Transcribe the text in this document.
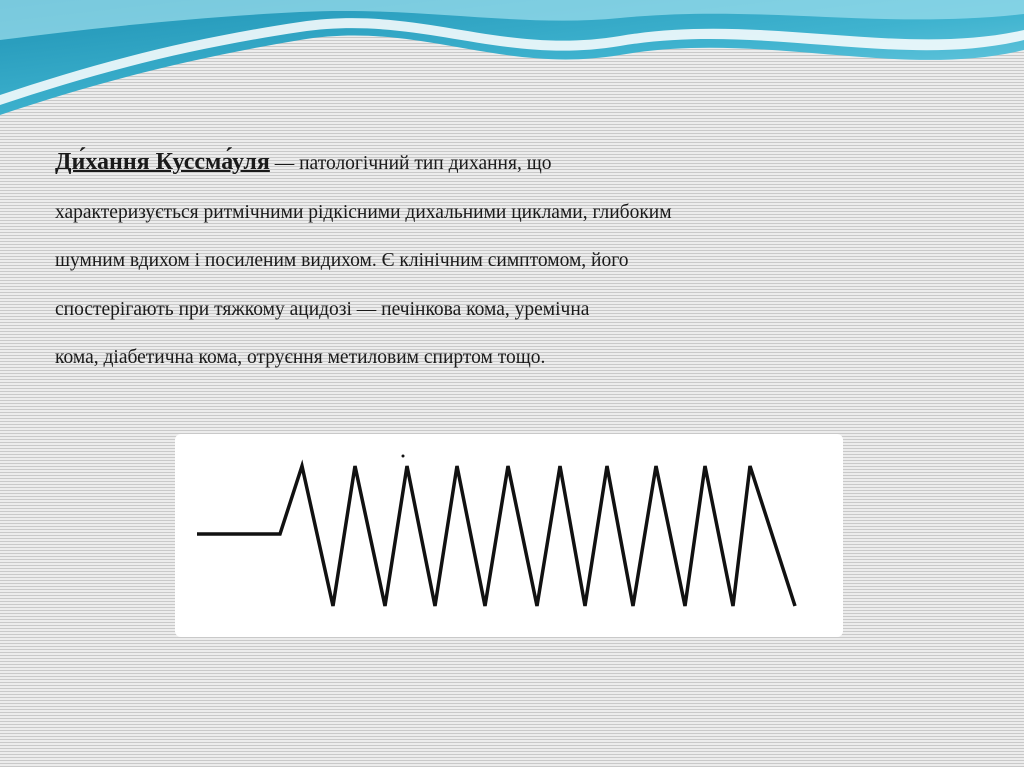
Ди́хання Куссма́уля — патологічний тип дихання, що
характеризується ритмічними рідкісними дихальними циклами, глибоким
шумним вдихом і посиленим видихом. Є клінічним симптомом, його
спостерігають при тяжкому ацидозі — печінкова кома, уремічна
кома, діабетична кома, отруєння метиловим спиртом тощо.
